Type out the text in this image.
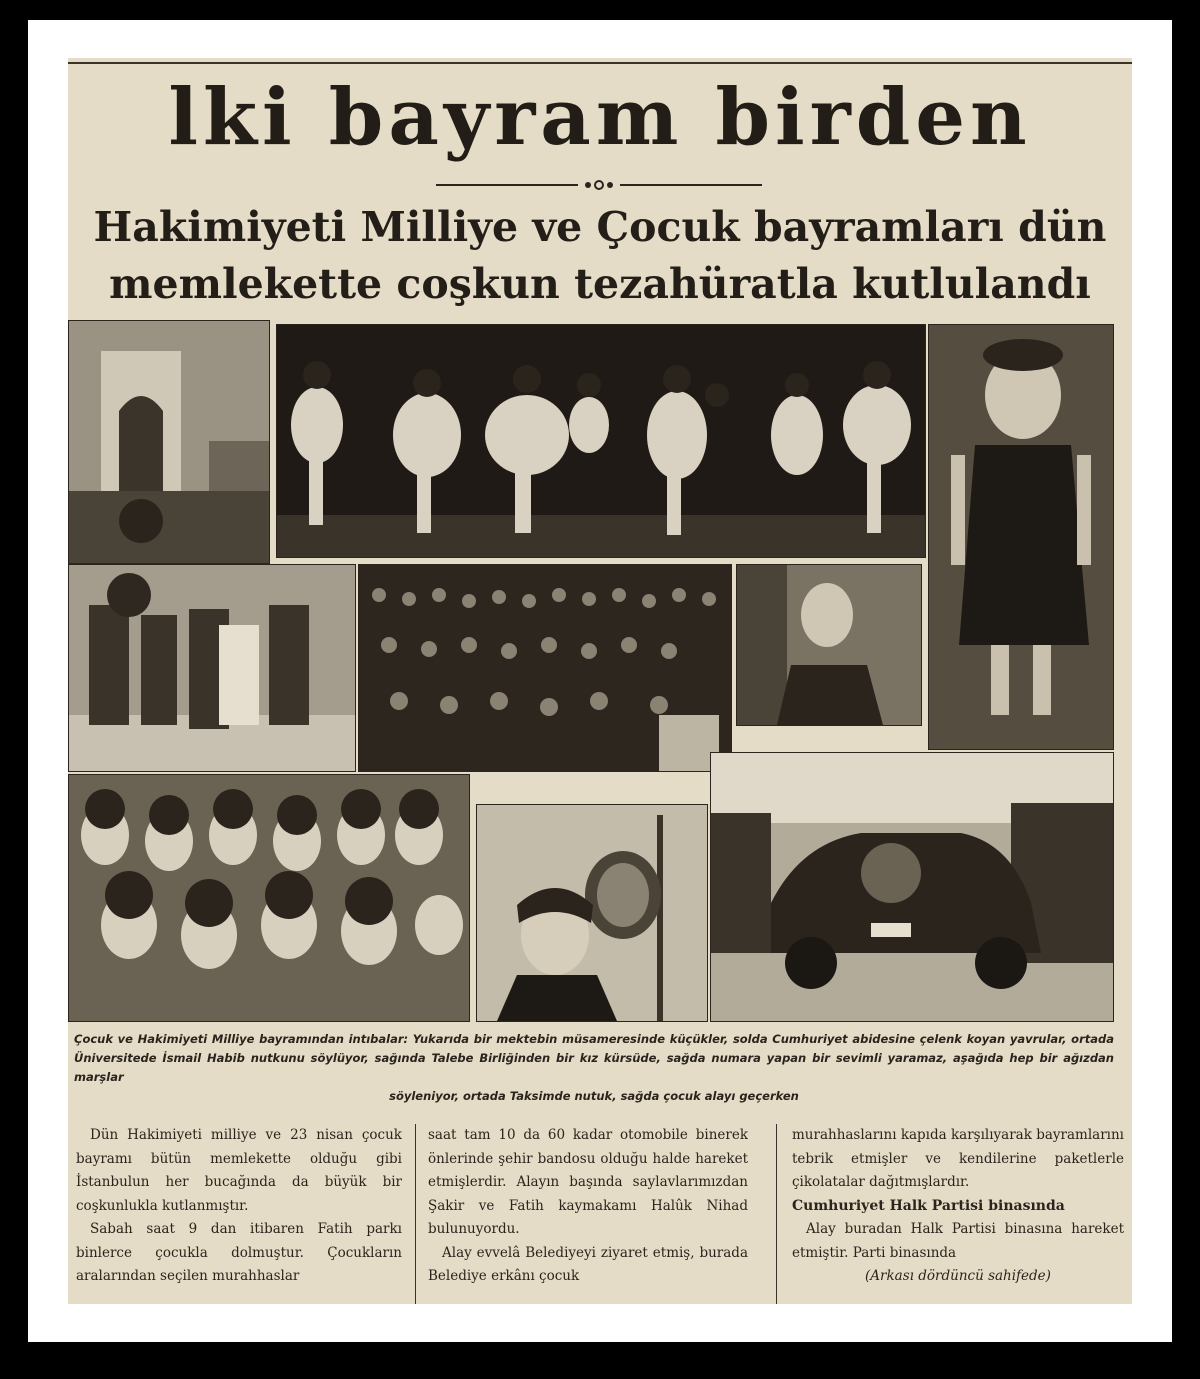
lki bayram birden
Hakimiyeti Milliye ve Çocuk bayramları dün
memlekette coşkun tezahüratla kutlulandı

Çocuk ve Hakimiyeti Milliye bayramından intıbalar: Yukarıda bir mektebin müsameresinde küçükler, solda Cumhuriyet abidesine çelenk koyan yavrular, ortada Üniversitede İsmail Habib nutkunu söylüyor, sağında Talebe Birliğinden bir kız kürsüde, sağda numara yapan bir sevimli yaramaz, aşağıda hep bir ağızdan marşlar
söyleniyor, ortada Taksimde nutuk, sağda çocuk alayı geçerken

Dün Hakimiyeti milliye ve 23 nisan çocuk bayramı bütün memlekette olduğu gibi İstanbulun her bucağında da büyük bir coşkunlukla kutlanmıştır.

Sabah saat 9 dan itibaren Fatih parkı binlerce çocukla dolmuştur. Çocukların aralarından seçilen murahhaslar

saat tam 10 da 60 kadar otomobile binerek önlerinde şehir bandosu olduğu halde hareket etmişlerdir. Alayın başında saylavlarımızdan Şakir ve Fatih kaymakamı Halûk Nihad bulunuyordu.

Alay evvelâ Belediyeyi ziyaret etmiş, burada Belediye erkânı çocuk

murahhaslarını kapıda karşılıyarak bayramlarını tebrik etmişler ve kendilerine paketlerle çikolatalar dağıtmışlardır.

Cumhuriyet Halk Partisi binasında

Alay buradan Halk Partisi binasına hareket etmiştir. Parti binasında

(Arkası dördüncü sahifede)
